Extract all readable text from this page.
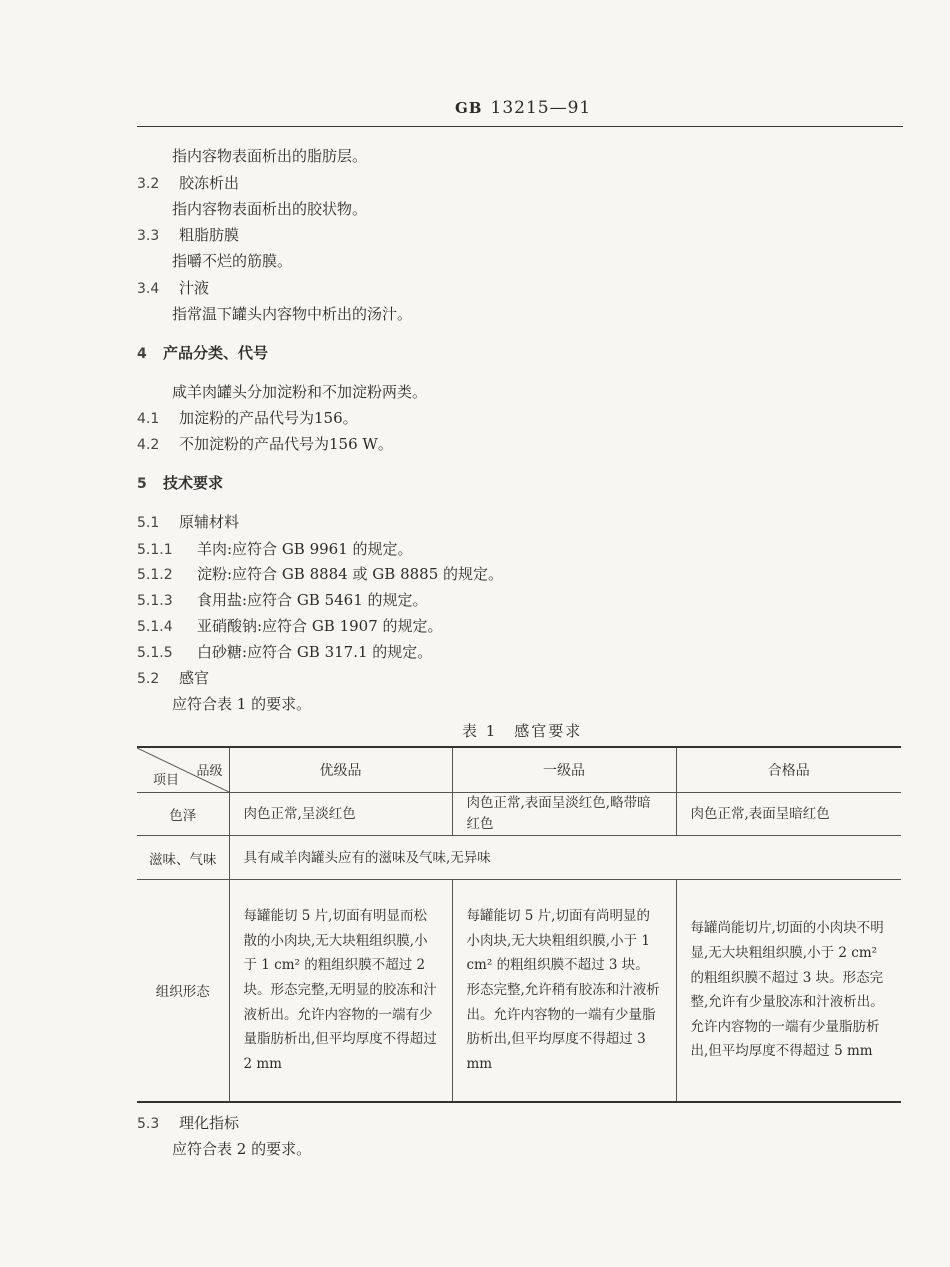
GB 13215—91
指内容物表面析出的脂肪层。
3.2 胶冻析出
指内容物表面析出的胶状物。
3.3 粗脂肪膜
指嚼不烂的筋膜。
3.4 汁液
指常温下罐头内容物中析出的汤汁。
4 产品分类、代号
咸羊肉罐头分加淀粉和不加淀粉两类。
4.1 加淀粉的产品代号为156。
4.2 不加淀粉的产品代号为156 W。
5 技术要求
5.1 原辅材料
5.1.1 羊肉:应符合 GB 9961 的规定。
5.1.2 淀粉:应符合 GB 8884 或 GB 8885 的规定。
5.1.3 食用盐:应符合 GB 5461 的规定。
5.1.4 亚硝酸钠:应符合 GB 1907 的规定。
5.1.5 白砂糖:应符合 GB 317.1 的规定。
5.2 感官
应符合表 1 的要求。
表 1　感官要求
品级
项目	优级品	一级品	合格品
色泽	肉色正常,呈淡红色	肉色正常,表面呈淡红色,略带暗红色	肉色正常,表面呈暗红色
滋味、气味	具有咸羊肉罐头应有的滋味及气味,无异味		
组织形态	每罐能切 5 片,切面有明显而松散的小肉块,无大块粗组织膜,小于 1 cm² 的粗组织膜不超过 2 块。形态完整,无明显的胶冻和汁液析出。允许内容物的一端有少量脂肪析出,但平均厚度不得超过 2 mm	每罐能切 5 片,切面有尚明显的小肉块,无大块粗组织膜,小于 1 cm² 的粗组织膜不超过 3 块。形态完整,允许稍有胶冻和汁液析出。允许内容物的一端有少量脂肪析出,但平均厚度不得超过 3 mm	每罐尚能切片,切面的小肉块不明显,无大块粗组织膜,小于 2 cm² 的粗组织膜不超过 3 块。形态完整,允许有少量胶冻和汁液析出。允许内容物的一端有少量脂肪析出,但平均厚度不得超过 5 mm
5.3 理化指标
应符合表 2 的要求。
